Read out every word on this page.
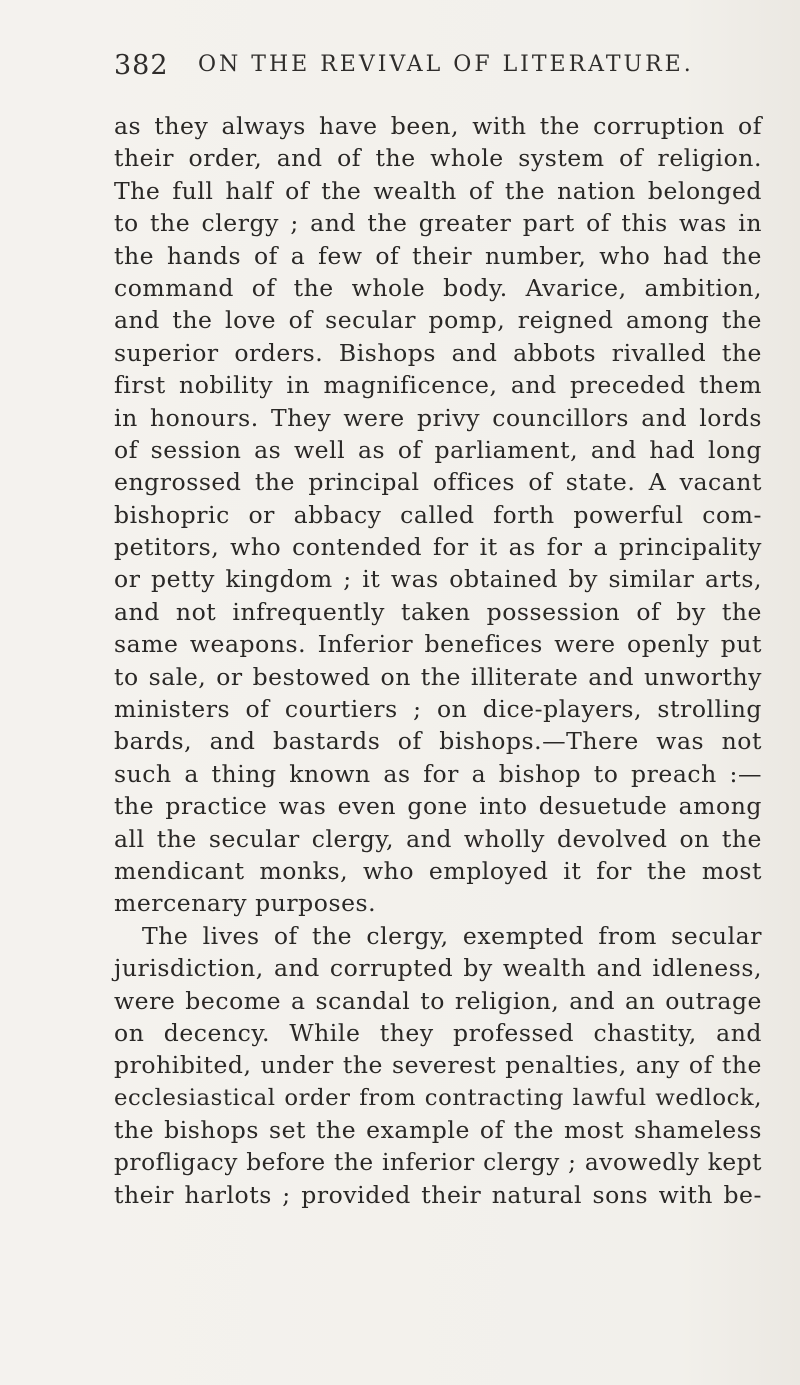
382 ON THE REVIVAL OF LITERATURE.
as they always have been, with the corruption of
their order, and of the whole system of religion.
The full half of the wealth of the nation belonged
to the clergy ; and the greater part of this was in
the hands of a few of their number, who had the
command of the whole body. Avarice, ambition,
and the love of secular pomp, reigned among the
superior orders. Bishops and abbots rivalled the
first nobility in magnificence, and preceded them
in honours. They were privy councillors and lords
of session as well as of parliament, and had long
engrossed the principal offices of state. A vacant
bishopric or abbacy called forth powerful com-
petitors, who contended for it as for a principality
or petty kingdom ; it was obtained by similar arts,
and not infrequently taken possession of by the
same weapons. Inferior benefices were openly put
to sale, or bestowed on the illiterate and unworthy
ministers of courtiers ; on dice-players, strolling
bards, and bastards of bishops.—There was not
such a thing known as for a bishop to preach :—
the practice was even gone into desuetude among
all the secular clergy, and wholly devolved on the
mendicant monks, who employed it for the most
mercenary purposes.
The lives of the clergy, exempted from secular
jurisdiction, and corrupted by wealth and idleness,
were become a scandal to religion, and an outrage
on decency. While they professed chastity, and
prohibited, under the severest penalties, any of the
ecclesiastical order from contracting lawful wedlock,
the bishops set the example of the most shameless
profligacy before the inferior clergy ; avowedly kept
their harlots ; provided their natural sons with be-
